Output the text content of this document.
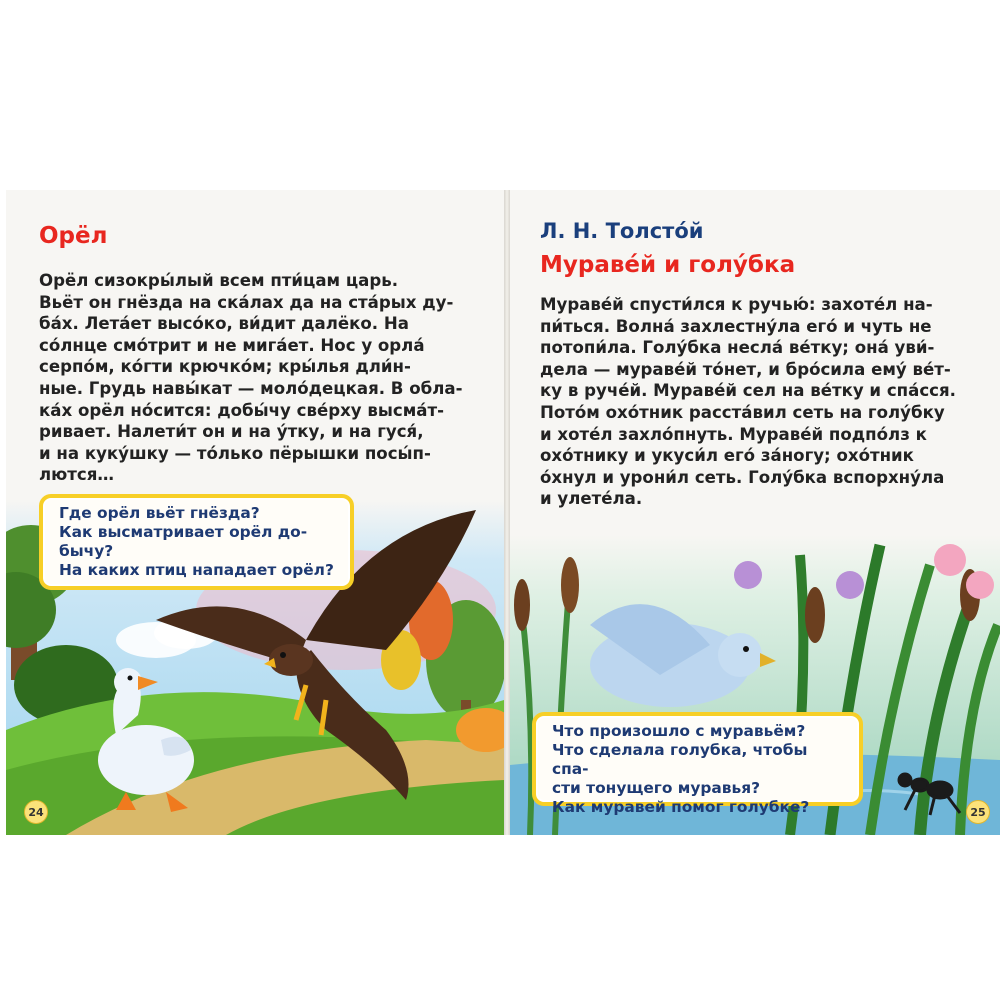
Орёл

Орёл сизокры́лый всем пти́цам царь.
Вьёт он гнёзда на ска́лах да на ста́рых ду-
ба́х. Лета́ет высо́ко, ви́дит далёко. На
со́лнце смо́трит и не мига́ет. Нос у орла́
серпо́м, ко́гти крючко́м; кры́лья дли́н-
ные. Грудь навы́кат — моло́децкая. В обла-
ка́х орёл но́сится: добы́чу све́рху высма́т-
ривает. Налети́т он и на у́тку, и на гуся́,
и на куку́шку — то́лько пёрышки посы́п-
лются…

Где орёл вьёт гнёзда?
Как высматривает орёл до-
бычу?
На каких птиц нападает орёл?

24
Л. Н. Толсто́й
Мураве́й и голу́бка

Мураве́й спусти́лся к ручью́: захоте́л на-
пи́ться. Волна́ захлестну́ла его́ и чуть не
потопи́ла. Голу́бка несла́ ве́тку; она́ уви́-
дела — мураве́й то́нет, и бро́сила ему́ ве́т-
ку в руче́й. Мураве́й сел на ве́тку и спа́сся.
Пото́м охо́тник расста́вил сеть на голу́бку
и хоте́л захло́пнуть. Мураве́й подпо́лз к
охо́тнику и укуси́л его́ за́ногу; охо́тник
о́хнул и урони́л сеть. Голу́бка вспорхну́ла
и улете́ла.

Что произошло с муравьём?
Что сделала голубка, чтобы спа-
сти тонущего муравья?
Как муравей помог голубке?	25
